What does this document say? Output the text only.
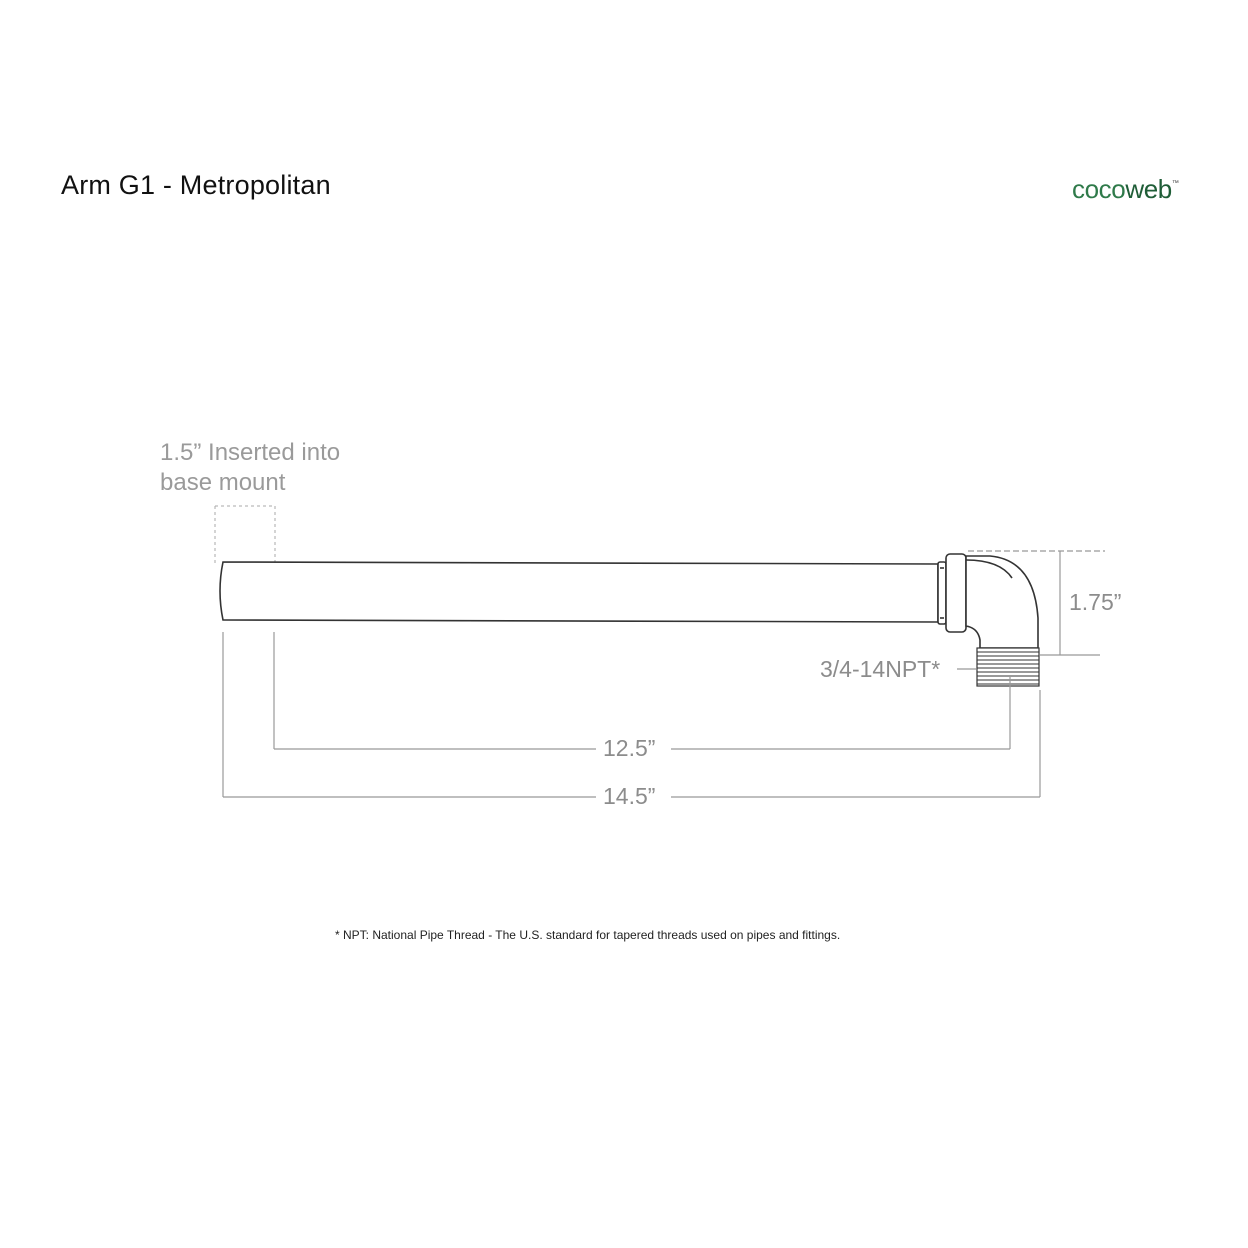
Arm G1 - Metropolitan	cocoweb™
1.5” Inserted into
base mount
1.75”
3/4-14NPT*
12.5”
14.5”
* NPT: National Pipe Thread - The U.S. standard for tapered threads used on pipes and fittings.
